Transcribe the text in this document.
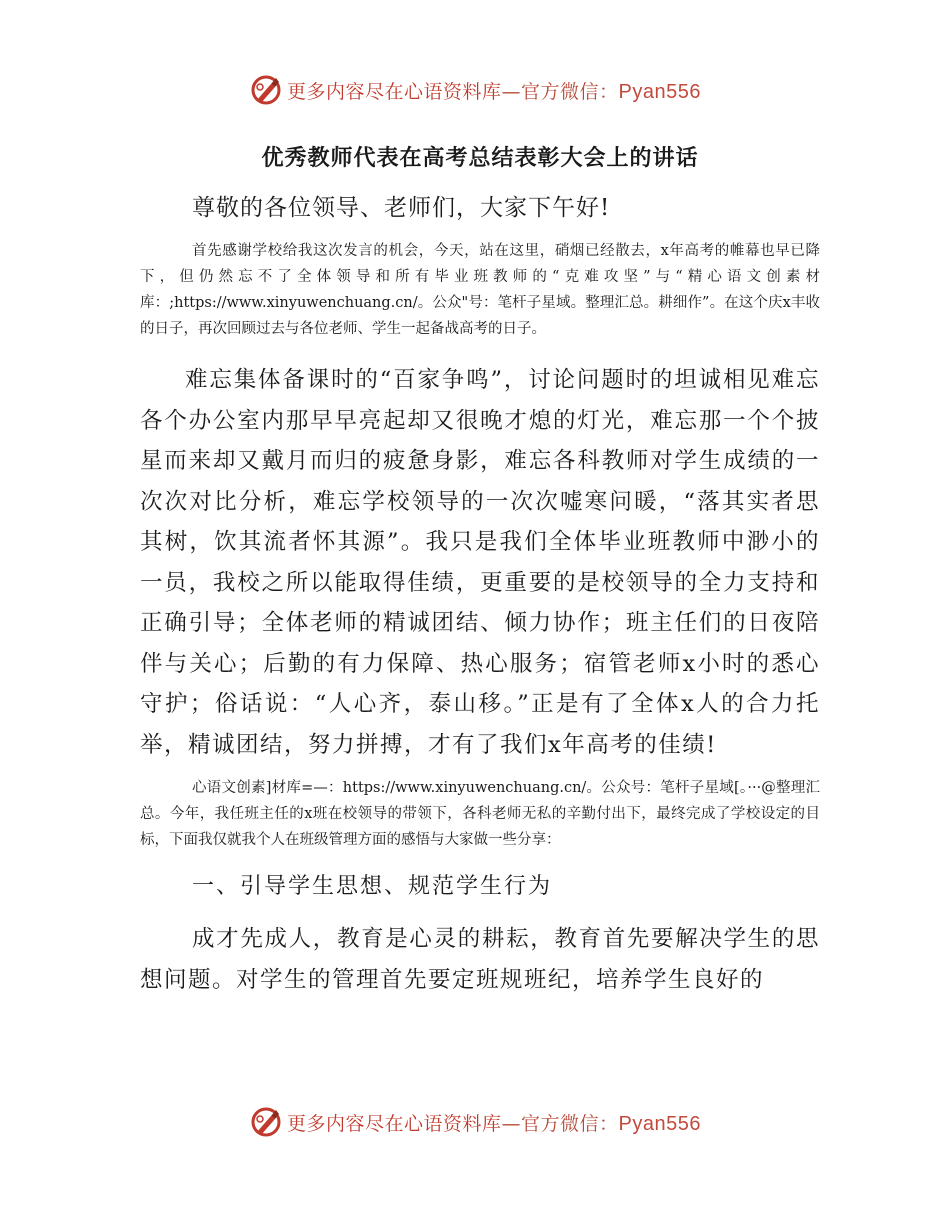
更多内容尽在心语资料库—官方微信：Pyan556
优秀教师代表在高考总结表彰大会上的讲话

尊敬的各位领导、老师们，大家下午好!

首先感谢学校给我这次发言的机会，今天，站在这里，硝烟已经散去，x年高考的帷幕也早已降下，但仍然忘不了全体领导和所有毕业班教师的“克难攻坚”与“精心语文创素材库：;https://www.xinyuwenchuang.cn/。公众"号：笔杆子星域。整理汇总。耕细作”。在这个庆x丰收的日子，再次回顾过去与各位老师、学生一起备战高考的日子。

难忘集体备课时的“百家争鸣”，讨论问题时的坦诚相见难忘各个办公室内那早早亮起却又很晚才熄的灯光，难忘那一个个披星而来却又戴月而归的疲惫身影，难忘各科教师对学生成绩的一次次对比分析，难忘学校领导的一次次嘘寒问暖，“落其实者思其树，饮其流者怀其源”。我只是我们全体毕业班教师中渺小的一员，我校之所以能取得佳绩，更重要的是校领导的全力支持和正确引导；全体老师的精诚团结、倾力协作；班主任们的日夜陪伴与关心；后勤的有力保障、热心服务；宿管老师x小时的悉心守护；俗话说：“人心齐，泰山移。”正是有了全体x人的合力托举，精诚团结，努力拼搏，才有了我们x年高考的佳绩!

心语文创素]材库=—：https://www.xinyuwenchuang.cn/。公众号：笔杆子星域[。···@整理汇总。今年，我任班主任的x班在校领导的带领下，各科老师无私的辛勤付出下，最终完成了学校设定的目标，下面我仅就我个人在班级管理方面的感悟与大家做一些分享：

一、引导学生思想、规范学生行为

成才先成人，教育是心灵的耕耘，教育首先要解决学生的思想问题。对学生的管理首先要定班规班纪，培养学生良好的

更多内容尽在心语资料库—官方微信：Pyan556
